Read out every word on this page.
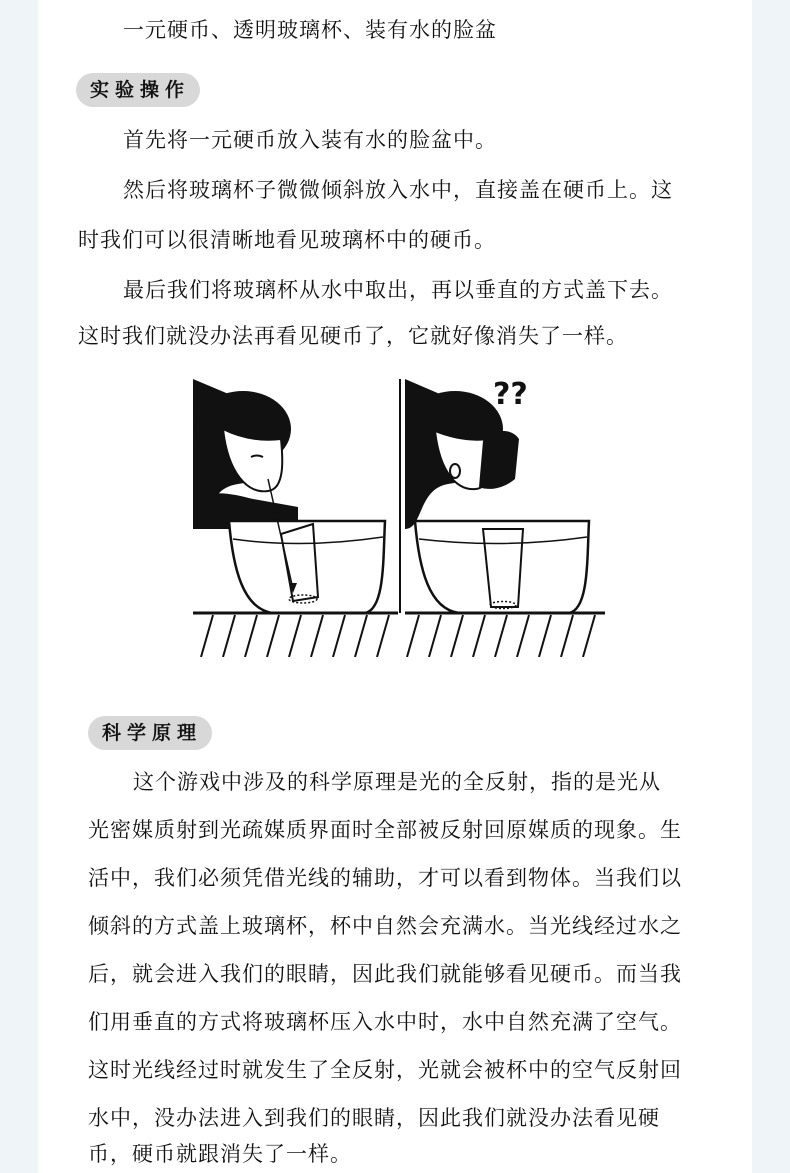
一元硬币、透明玻璃杯、装有水的脸盆

实验操作

首先将一元硬币放入装有水的脸盆中。

然后将玻璃杯子微微倾斜放入水中，直接盖在硬币上。这

时我们可以很清晰地看见玻璃杯中的硬币。

最后我们将玻璃杯从水中取出，再以垂直的方式盖下去。

这时我们就没办法再看见硬币了，它就好像消失了一样。

??
科学原理

这个游戏中涉及的科学原理是光的全反射，指的是光从

光密媒质射到光疏媒质界面时全部被反射回原媒质的现象。生

活中，我们必须凭借光线的辅助，才可以看到物体。当我们以

倾斜的方式盖上玻璃杯，杯中自然会充满水。当光线经过水之

后，就会进入我们的眼睛，因此我们就能够看见硬币。而当我

们用垂直的方式将玻璃杯压入水中时，水中自然充满了空气。

这时光线经过时就发生了全反射，光就会被杯中的空气反射回

水中，没办法进入到我们的眼睛，因此我们就没办法看见硬

币，硬币就跟消失了一样。
